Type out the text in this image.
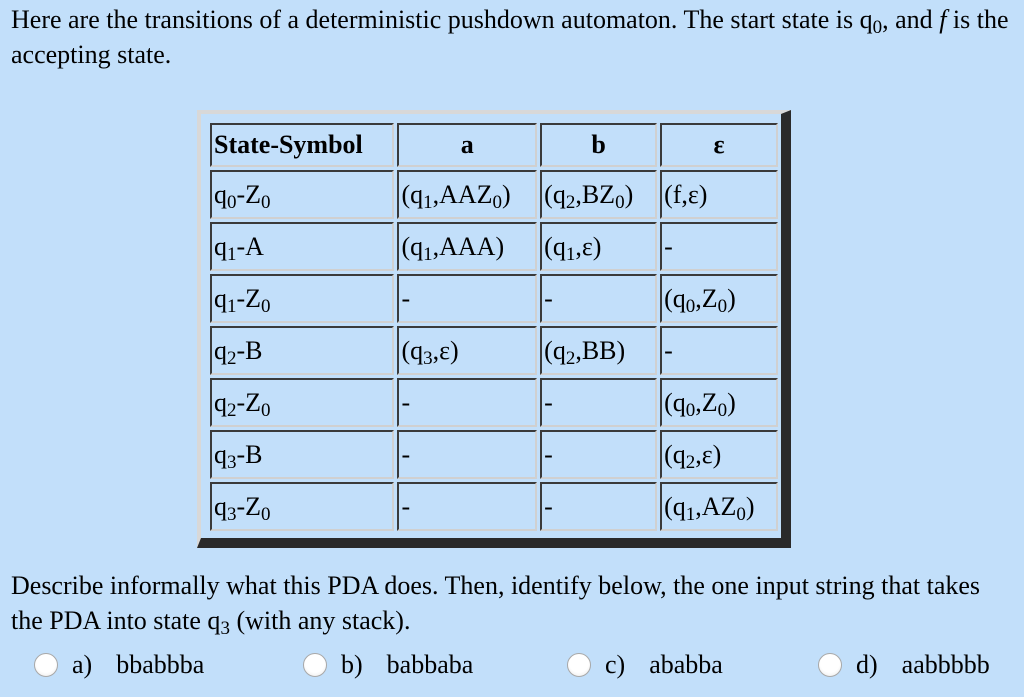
Here are the transitions of a deterministic pushdown automaton. The start state is $q_0$, and f is the accepting state.
State-Symbol	a	b	ε
$q_0-Z_0$	$(q_1,AAZ_0)$	$(q_2,BZ_0)$	(f,ε)
$q_1-A$	$(q_1,AAA)$	$(q_1,\varepsilon)$	-
$q_1-Z_0$	-	-	$(q_0,Z_0)$
$q_2-B$	$(q_3,\varepsilon)$	$(q_2,BB)$	-
$q_2-Z_0$	-	-	$(q_0,Z_0)$
$q_3-B$	-	-	$(q_2,\varepsilon)$
$q_3-Z_0$	-	-	$(q_1,AZ_0)$
Describe informally what this PDA does. Then, identify below, the one input string that takes the PDA into state $q_3$ (with any stack).
a) bbabbba	b) babbaba	c) ababba	d) aabbbbb
